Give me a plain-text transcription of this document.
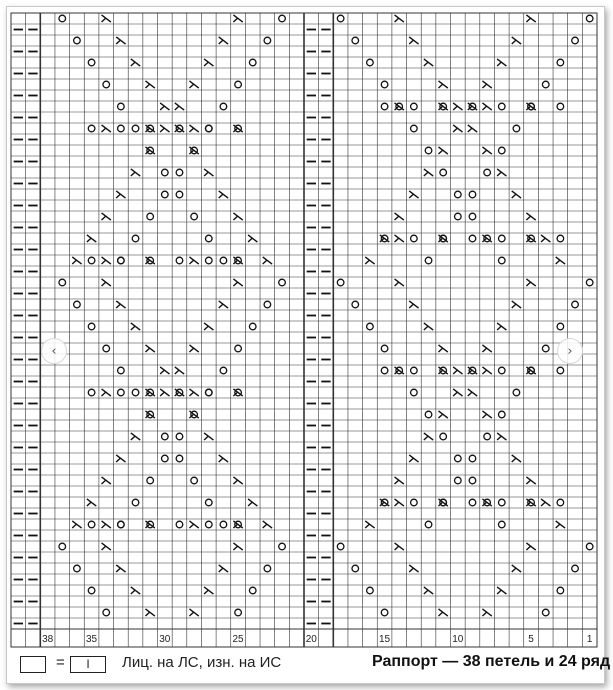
38	35	30	25	20	15	10	5	1
‹	›
=	I	Лиц. на ЛС, изн. на ИС	Раппорт — 38 петель и 24 ряд
